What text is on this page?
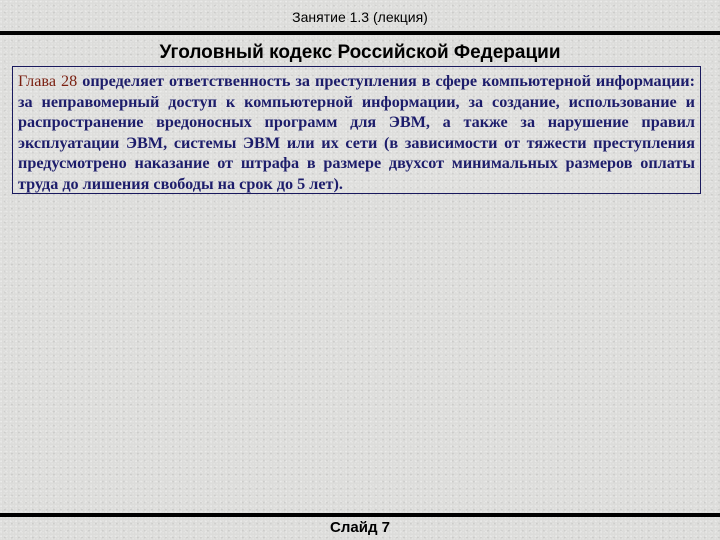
Занятие 1.3 (лекция)
Уголовный кодекс Российской Федерации

Глава 28 определяет ответственность за преступления в сфере компьютерной информации: за неправомерный доступ к компьютерной информации, за создание, использование и распространение вредоносных программ для ЭВМ, а также за нарушение правил эксплуатации ЭВМ, системы ЭВМ или их сети (в зависимости от тяжести преступления предусмотрено наказание от штрафа в размере двухсот минимальных размеров оплаты труда до лишения свободы на срок до 5 лет).

Слайд 7
